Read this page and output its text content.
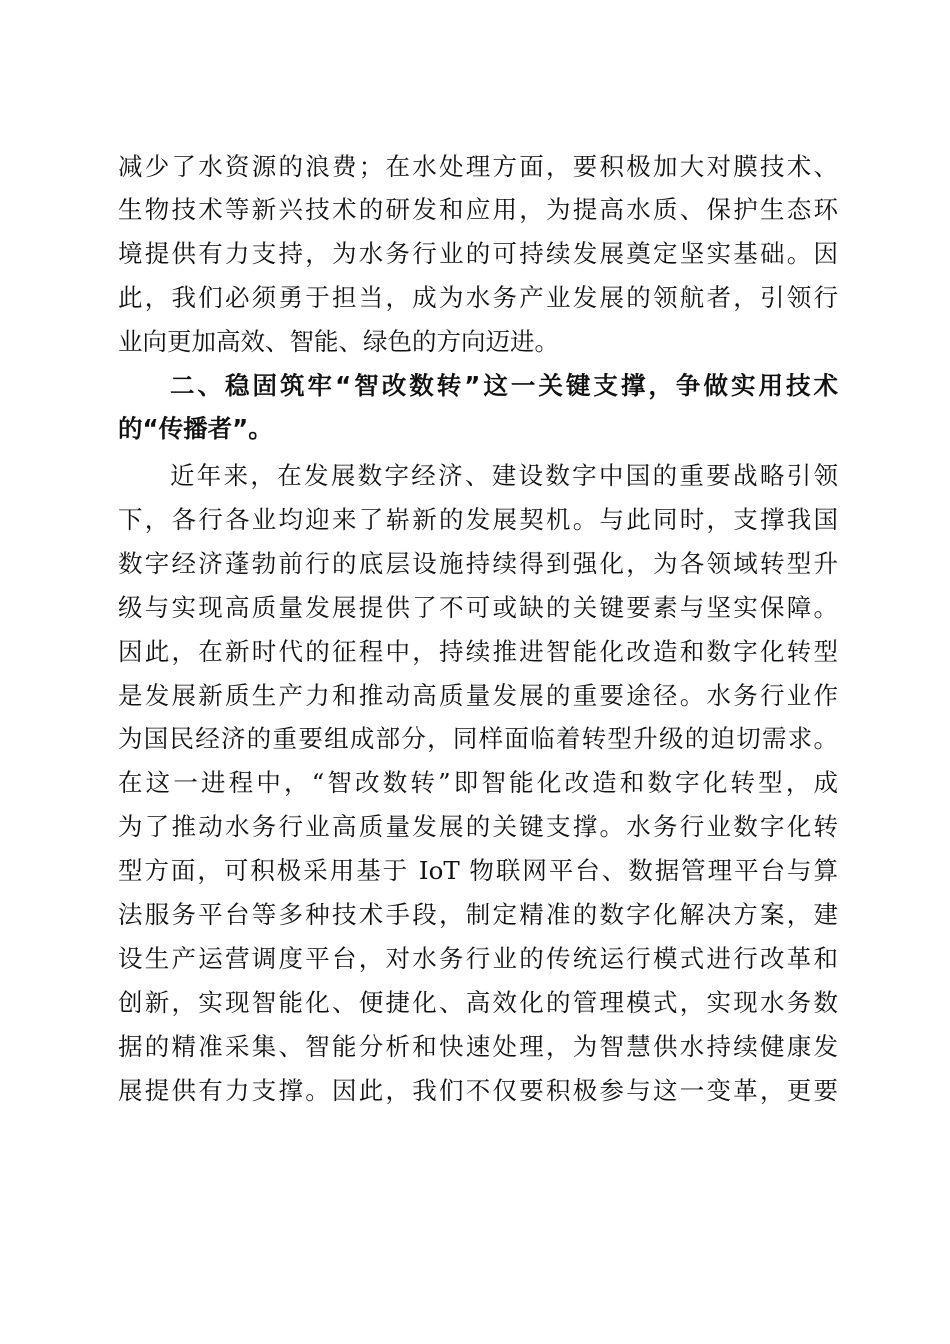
减少了水资源的浪费；在水处理方面，要积极加大对膜技术、
生物技术等新兴技术的研发和应用，为提高水质、保护生态环
境提供有力支持，为水务行业的可持续发展奠定坚实基础。因
此，我们必须勇于担当，成为水务产业发展的领航者，引领行
业向更加高效、智能、绿色的方向迈进。
二、稳固筑牢“智改数转”这一关键支撑，争做实用技术
的“传播者”。
近年来，在发展数字经济、建设数字中国的重要战略引领
下，各行各业均迎来了崭新的发展契机。与此同时，支撑我国
数字经济蓬勃前行的底层设施持续得到强化，为各领域转型升
级与实现高质量发展提供了不可或缺的关键要素与坚实保障。
因此，在新时代的征程中，持续推进智能化改造和数字化转型
是发展新质生产力和推动高质量发展的重要途径。水务行业作
为国民经济的重要组成部分，同样面临着转型升级的迫切需求。
在这一进程中，“智改数转”即智能化改造和数字化转型，成
为了推动水务行业高质量发展的关键支撑。水务行业数字化转
型方面，可积极采用基于 IoT 物联网平台、数据管理平台与算
法服务平台等多种技术手段，制定精准的数字化解决方案，建
设生产运营调度平台，对水务行业的传统运行模式进行改革和
创新，实现智能化、便捷化、高效化的管理模式，实现水务数
据的精准采集、智能分析和快速处理，为智慧供水持续健康发
展提供有力支撑。因此，我们不仅要积极参与这一变革，更要
